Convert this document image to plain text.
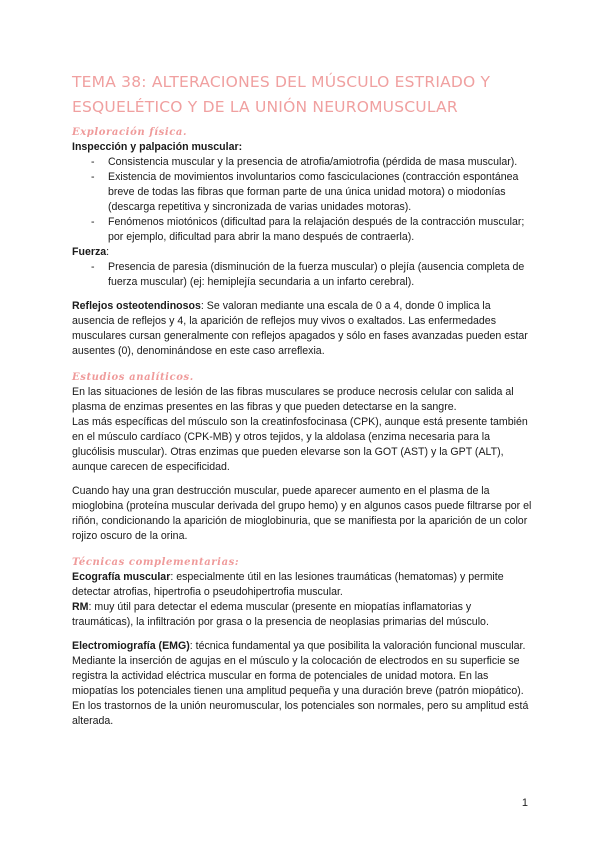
TEMA 38: ALTERACIONES DEL MÚSCULO ESTRIADO Y ESQUELÉTICO Y DE LA UNIÓN NEUROMUSCULAR
Exploración física.

Inspección y palpación muscular:

- Consistencia muscular y la presencia de atrofia/amiotrofia (pérdida de masa muscular).
- Existencia de movimientos involuntarios como fasciculaciones (contracción espontánea breve de todas las fibras que forman parte de una única unidad motora) o miodonías (descarga repetitiva y sincronizada de varias unidades motoras).
- Fenómenos miotónicos (dificultad para la relajación después de la contracción muscular; por ejemplo, dificultad para abrir la mano después de contraerla).

Fuerza:

- Presencia de paresia (disminución de la fuerza muscular) o plejía (ausencia completa de fuerza muscular) (ej: hemiplejía secundaria a un infarto cerebral).

Reflejos osteotendinosos: Se valoran mediante una escala de 0 a 4, donde 0 implica la ausencia de reflejos y 4, la aparición de reflejos muy vivos o exaltados. Las enfermedades musculares cursan generalmente con reflejos apagados y sólo en fases avanzadas pueden estar ausentes (0), denominándose en este caso arreflexia.

Estudios analíticos.

En las situaciones de lesión de las fibras musculares se produce necrosis celular con salida al plasma de enzimas presentes en las fibras y que pueden detectarse en la sangre.

Las más específicas del músculo son la creatinfosfocinasa (CPK), aunque está presente también en el músculo cardíaco (CPK-MB) y otros tejidos, y la aldolasa (enzima necesaria para la glucólisis muscular). Otras enzimas que pueden elevarse son la GOT (AST) y la GPT (ALT), aunque carecen de especificidad.

Cuando hay una gran destrucción muscular, puede aparecer aumento en el plasma de la mioglobina (proteína muscular derivada del grupo hemo) y en algunos casos puede filtrarse por el riñón, condicionando la aparición de mioglobinuria, que se manifiesta por la aparición de un color rojizo oscuro de la orina.

Técnicas complementarias:

Ecografía muscular: especialmente útil en las lesiones traumáticas (hematomas) y permite detectar atrofias, hipertrofia o pseudohipertrofia muscular.

RM: muy útil para detectar el edema muscular (presente en miopatías inflamatorias y traumáticas), la infiltración por grasa o la presencia de neoplasias primarias del músculo.

Electromiografía (EMG): técnica fundamental ya que posibilita la valoración funcional muscular. Mediante la inserción de agujas en el músculo y la colocación de electrodos en su superficie se registra la actividad eléctrica muscular en forma de potenciales de unidad motora. En las miopatías los potenciales tienen una amplitud pequeña y una duración breve (patrón miopático). En los trastornos de la unión neuromuscular, los potenciales son normales, pero su amplitud está alterada.

1
